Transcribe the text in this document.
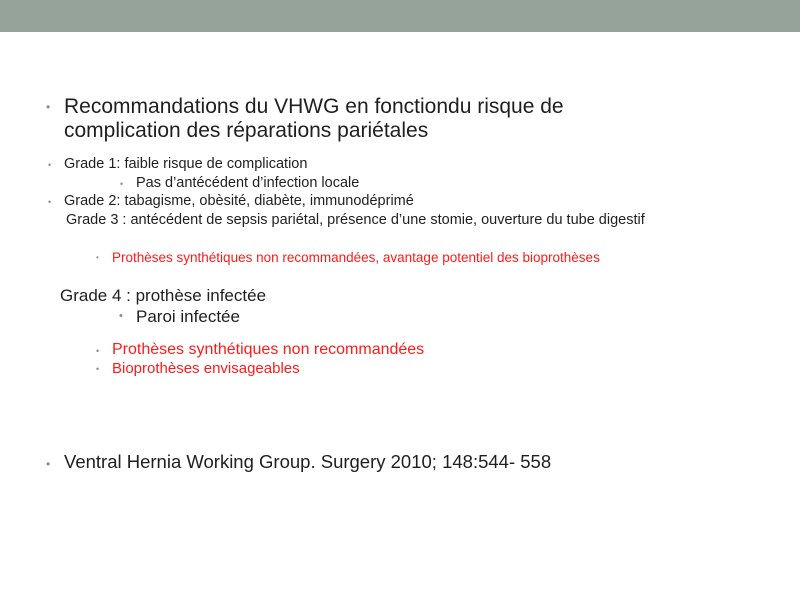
• Recommandations du VHWG en fonctiondu risque de
complication des réparations pariétales
• Grade 1: faible risque de complication
• Pas d’antécédent d’infection locale
• Grade 2: tabagisme, obèsité, diabète, immunodéprimé
Grade 3 : antécédent de sepsis pariétal, présence d’une stomie, ouverture du tube digestif
• Prothèses synthétiques non recommandées, avantage potentiel des bioprothèses
Grade 4 : prothèse infectée
• Paroi infectée
• Prothèses synthétiques non recommandées
• Bioprothèses envisageables
• Ventral Hernia Working Group. Surgery 2010; 148:544- 558
